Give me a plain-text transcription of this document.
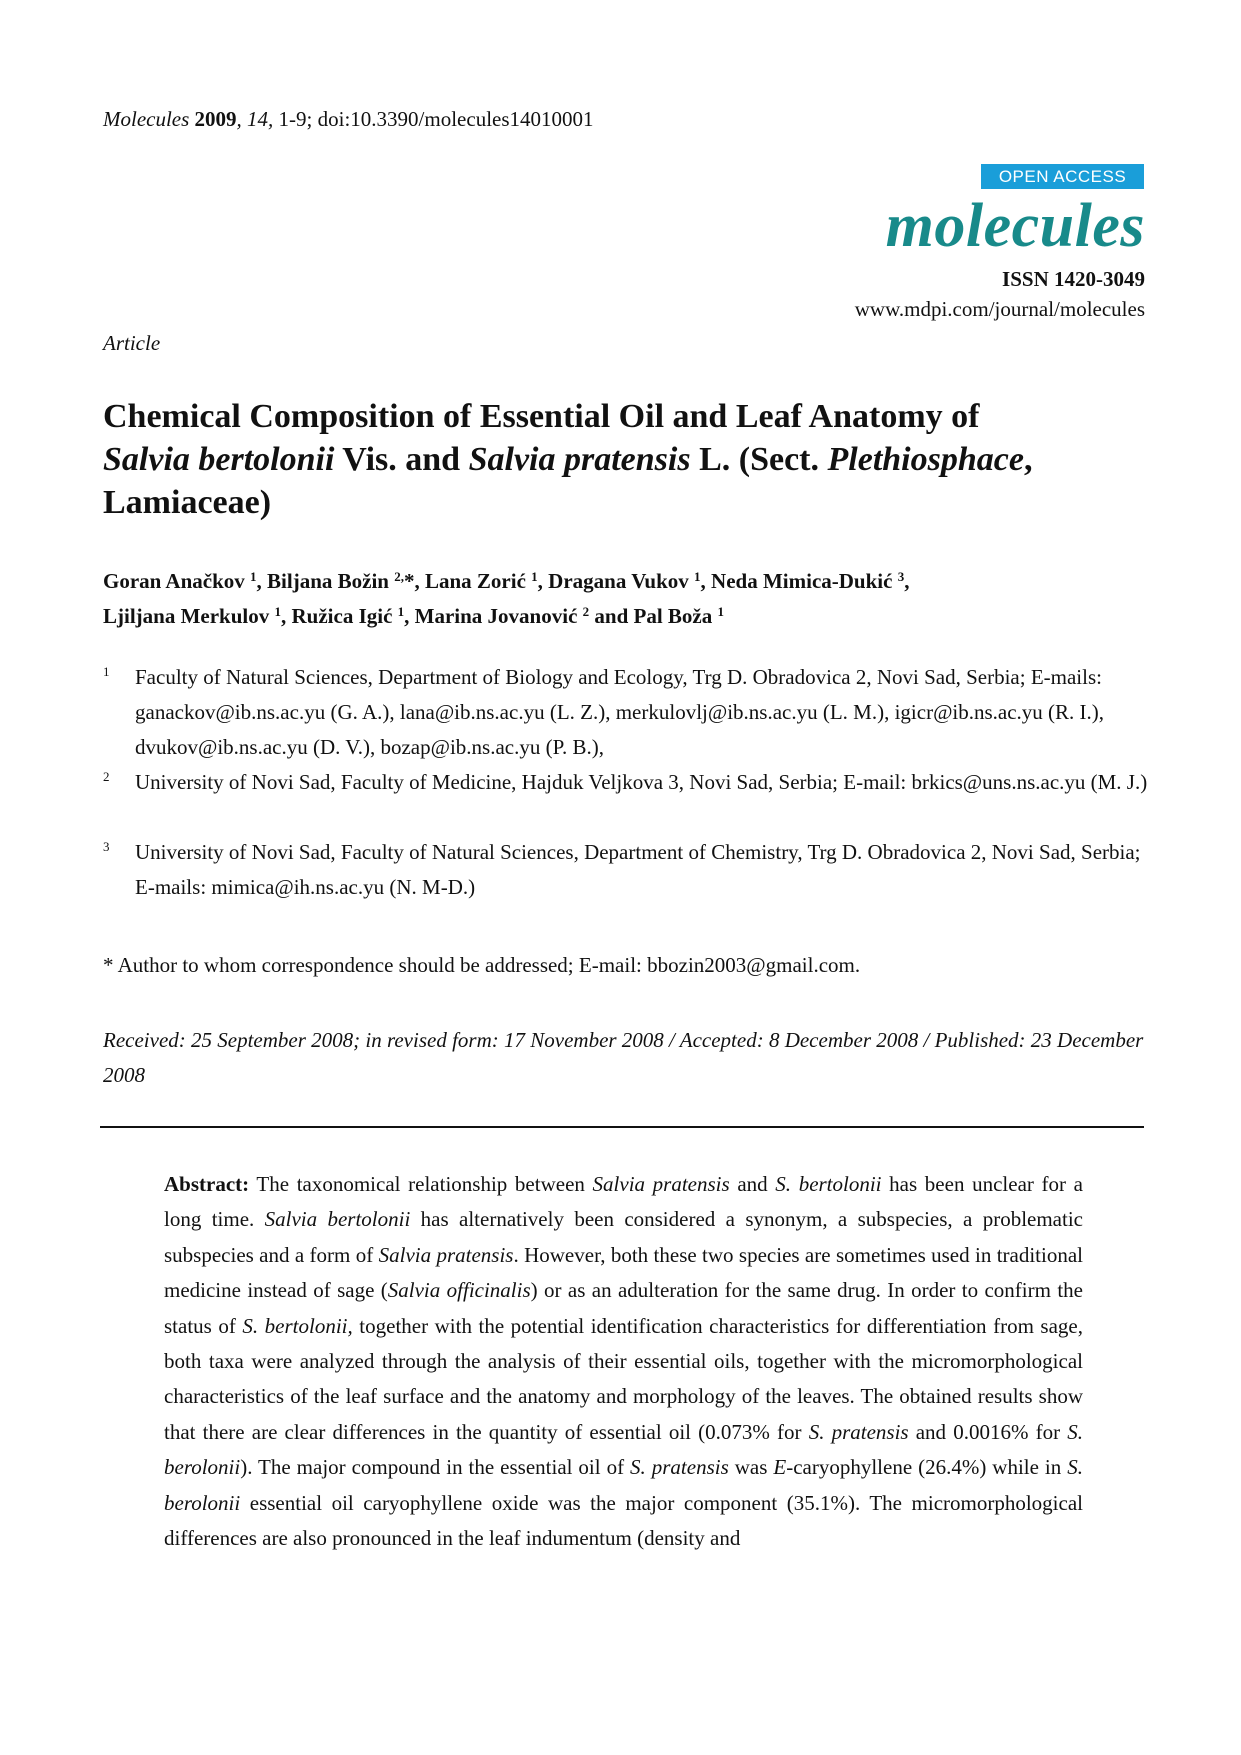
Molecules 2009, 14, 1-9; doi:10.3390/molecules14010001
OPEN ACCESS
molecules
ISSN 1420-3049
www.mdpi.com/journal/molecules
Article
Chemical Composition of Essential Oil and Leaf Anatomy of
Salvia bertolonii Vis. and Salvia pratensis L. (Sect. Plethiosphace,
Lamiaceae)
Goran Anačkov $^1$, Biljana Božin $^{2,}$*, Lana Zorić $^1$, Dragana Vukov $^1$, Neda Mimica-Dukić $^3$,
Ljiljana Merkulov $^1$, Ružica Igić $^1$, Marina Jovanović $^2$ and Pal Boža $^1$
1 Faculty of Natural Sciences, Department of Biology and Ecology, Trg D. Obradovica 2, Novi Sad, Serbia; E-mails: ganackov@ib.ns.ac.yu (G. A.), lana@ib.ns.ac.yu (L. Z.), merkulovlj@ib.ns.ac.yu (L. M.), igicr@ib.ns.ac.yu (R. I.), dvukov@ib.ns.ac.yu (D. V.), bozap@ib.ns.ac.yu (P. B.),
2 University of Novi Sad, Faculty of Medicine, Hajduk Veljkova 3, Novi Sad, Serbia; E-mail: brkics@uns.ns.ac.yu (M. J.)
3 University of Novi Sad, Faculty of Natural Sciences, Department of Chemistry, Trg D. Obradovica 2, Novi Sad, Serbia; E-mails: mimica@ih.ns.ac.yu (N. M-D.)
* Author to whom correspondence should be addressed; E-mail: bbozin2003@gmail.com.
Received: 25 September 2008; in revised form: 17 November 2008 / Accepted: 8 December 2008 / Published: 23 December 2008
Abstract: The taxonomical relationship between Salvia pratensis and S. bertolonii has been unclear for a long time. Salvia bertolonii has alternatively been considered a synonym, a subspecies, a problematic subspecies and a form of Salvia pratensis. However, both these two species are sometimes used in traditional medicine instead of sage (Salvia officinalis) or as an adulteration for the same drug. In order to confirm the status of S. bertolonii, together with the potential identification characteristics for differentiation from sage, both taxa were analyzed through the analysis of their essential oils, together with the micromorphological characteristics of the leaf surface and the anatomy and morphology of the leaves. The obtained results show that there are clear differences in the quantity of essential oil (0.073% for S. pratensis and 0.0016% for S. berolonii). The major compound in the essential oil of S. pratensis was E-caryophyllene (26.4%) while in S. berolonii essential oil caryophyllene oxide was the major component (35.1%). The micromorphological differences are also pronounced in the leaf indumentum (density and
